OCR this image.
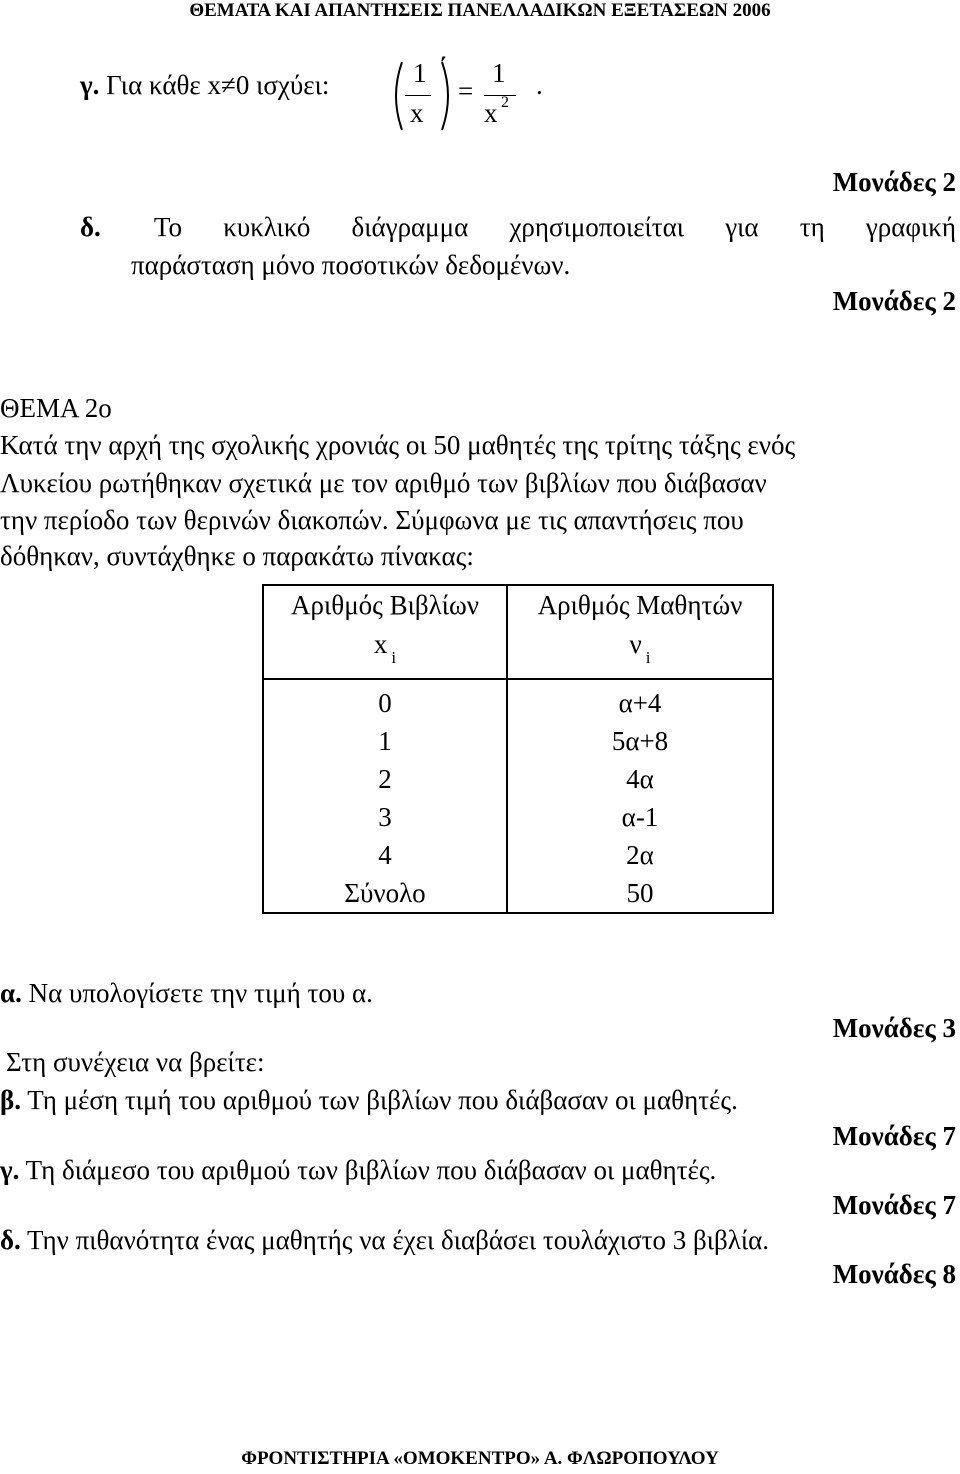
ΘΕΜΑΤΑ ΚΑΙ ΑΠΑΝΤΗΣΕΙΣ ΠΑΝΕΛΛΑΔΙΚΩΝ ΕΞΕΤΑΣΕΩΝ 2006
γ. Για κάθε x≠0 ισχύει:	1
x
΄
=
1
x 2
.
Μονάδες 2
δ. Το κυκλικό διάγραμμα χρησιμοποιείται για τη γραφική
παράσταση μόνο ποσοτικών δεδομένων.
Μονάδες 2
ΘΕΜΑ 2ο
Κατά την αρχή της σχολικής χρονιάς οι 50 μαθητές της τρίτης τάξης ενός
Λυκείου ρωτήθηκαν σχετικά με τον αριθμό των βιβλίων που διάβασαν
την περίοδο των θερινών διακοπών. Σύμφωνα με τις απαντήσεις που
δόθηκαν, συντάχθηκε ο παρακάτω πίνακας:
Αριθμός Βιβλίων	Αριθμός Μαθητών
x $_i$	ν $_i$
0	α+4
1	5α+8
2	4α
3	α-1
4	2α
Σύνολο	50
α. Να υπολογίσετε την τιμή του α.
Μονάδες 3
Στη συνέχεια να βρείτε:
β. Τη μέση τιμή του αριθμού των βιβλίων που διάβασαν οι μαθητές.
Μονάδες 7
γ. Τη διάμεσο του αριθμού των βιβλίων που διάβασαν οι μαθητές.
Μονάδες 7
δ. Την πιθανότητα ένας μαθητής να έχει διαβάσει τουλάχιστο 3 βιβλία.
Μονάδες 8
ΦΡΟΝΤΙΣΤΗΡΙΑ «ΟΜΟΚΕΝΤΡΟ» Α. ΦΛΩΡΟΠΟΥΛΟΥ
